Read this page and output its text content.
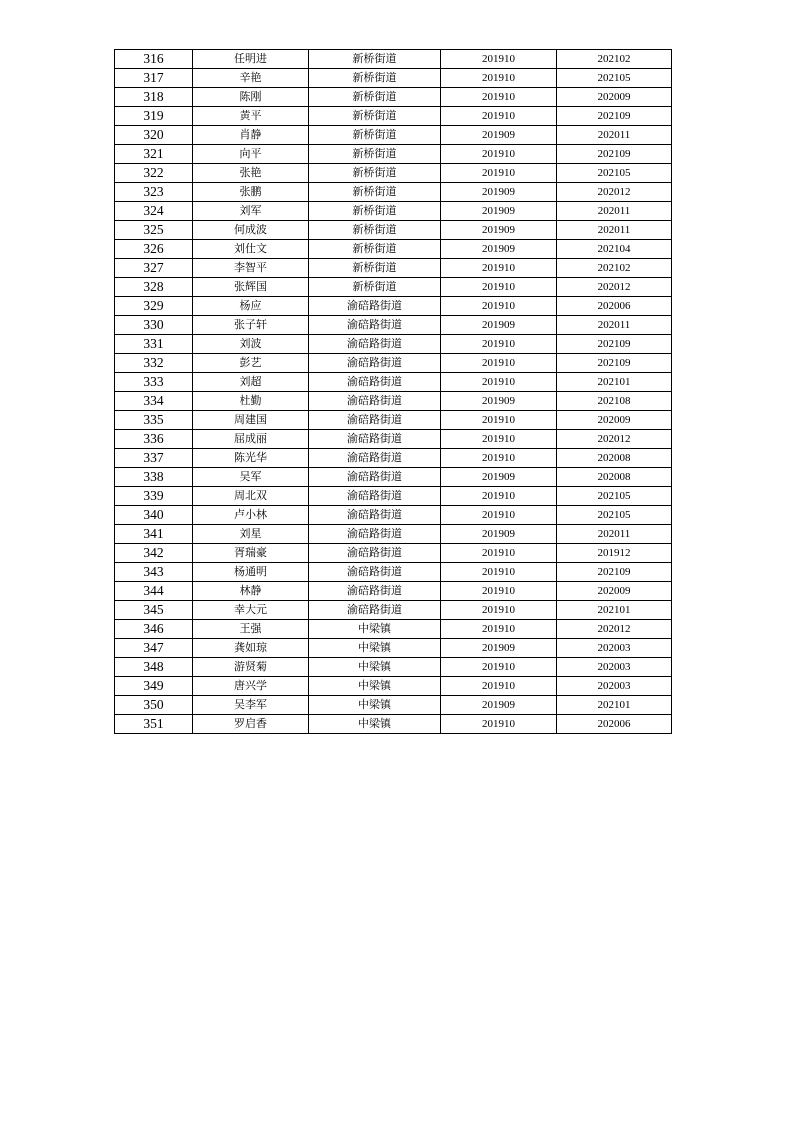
316	任明进	新桥街道	201910	202102
317	辛艳	新桥街道	201910	202105
318	陈刚	新桥街道	201910	202009
319	黄平	新桥街道	201910	202109
320	肖静	新桥街道	201909	202011
321	向平	新桥街道	201910	202109
322	张艳	新桥街道	201910	202105
323	张鹏	新桥街道	201909	202012
324	刘军	新桥街道	201909	202011
325	何成波	新桥街道	201909	202011
326	刘仕文	新桥街道	201909	202104
327	李智平	新桥街道	201910	202102
328	张辉国	新桥街道	201910	202012
329	杨应	渝碚路街道	201910	202006
330	张子轩	渝碚路街道	201909	202011
331	刘波	渝碚路街道	201910	202109
332	彭艺	渝碚路街道	201910	202109
333	刘超	渝碚路街道	201910	202101
334	杜勤	渝碚路街道	201909	202108
335	周建国	渝碚路街道	201910	202009
336	屈成丽	渝碚路街道	201910	202012
337	陈光华	渝碚路街道	201910	202008
338	吴军	渝碚路街道	201909	202008
339	周北双	渝碚路街道	201910	202105
340	卢小林	渝碚路街道	201910	202105
341	刘星	渝碚路街道	201909	202011
342	胥瑞豪	渝碚路街道	201910	201912
343	杨通明	渝碚路街道	201910	202109
344	林静	渝碚路街道	201910	202009
345	幸大元	渝碚路街道	201910	202101
346	王强	中梁镇	201910	202012
347	龚如琼	中梁镇	201909	202003
348	游贤菊	中梁镇	201910	202003
349	唐兴学	中梁镇	201910	202003
350	吴李军	中梁镇	201909	202101
351	罗启香	中梁镇	201910	202006
